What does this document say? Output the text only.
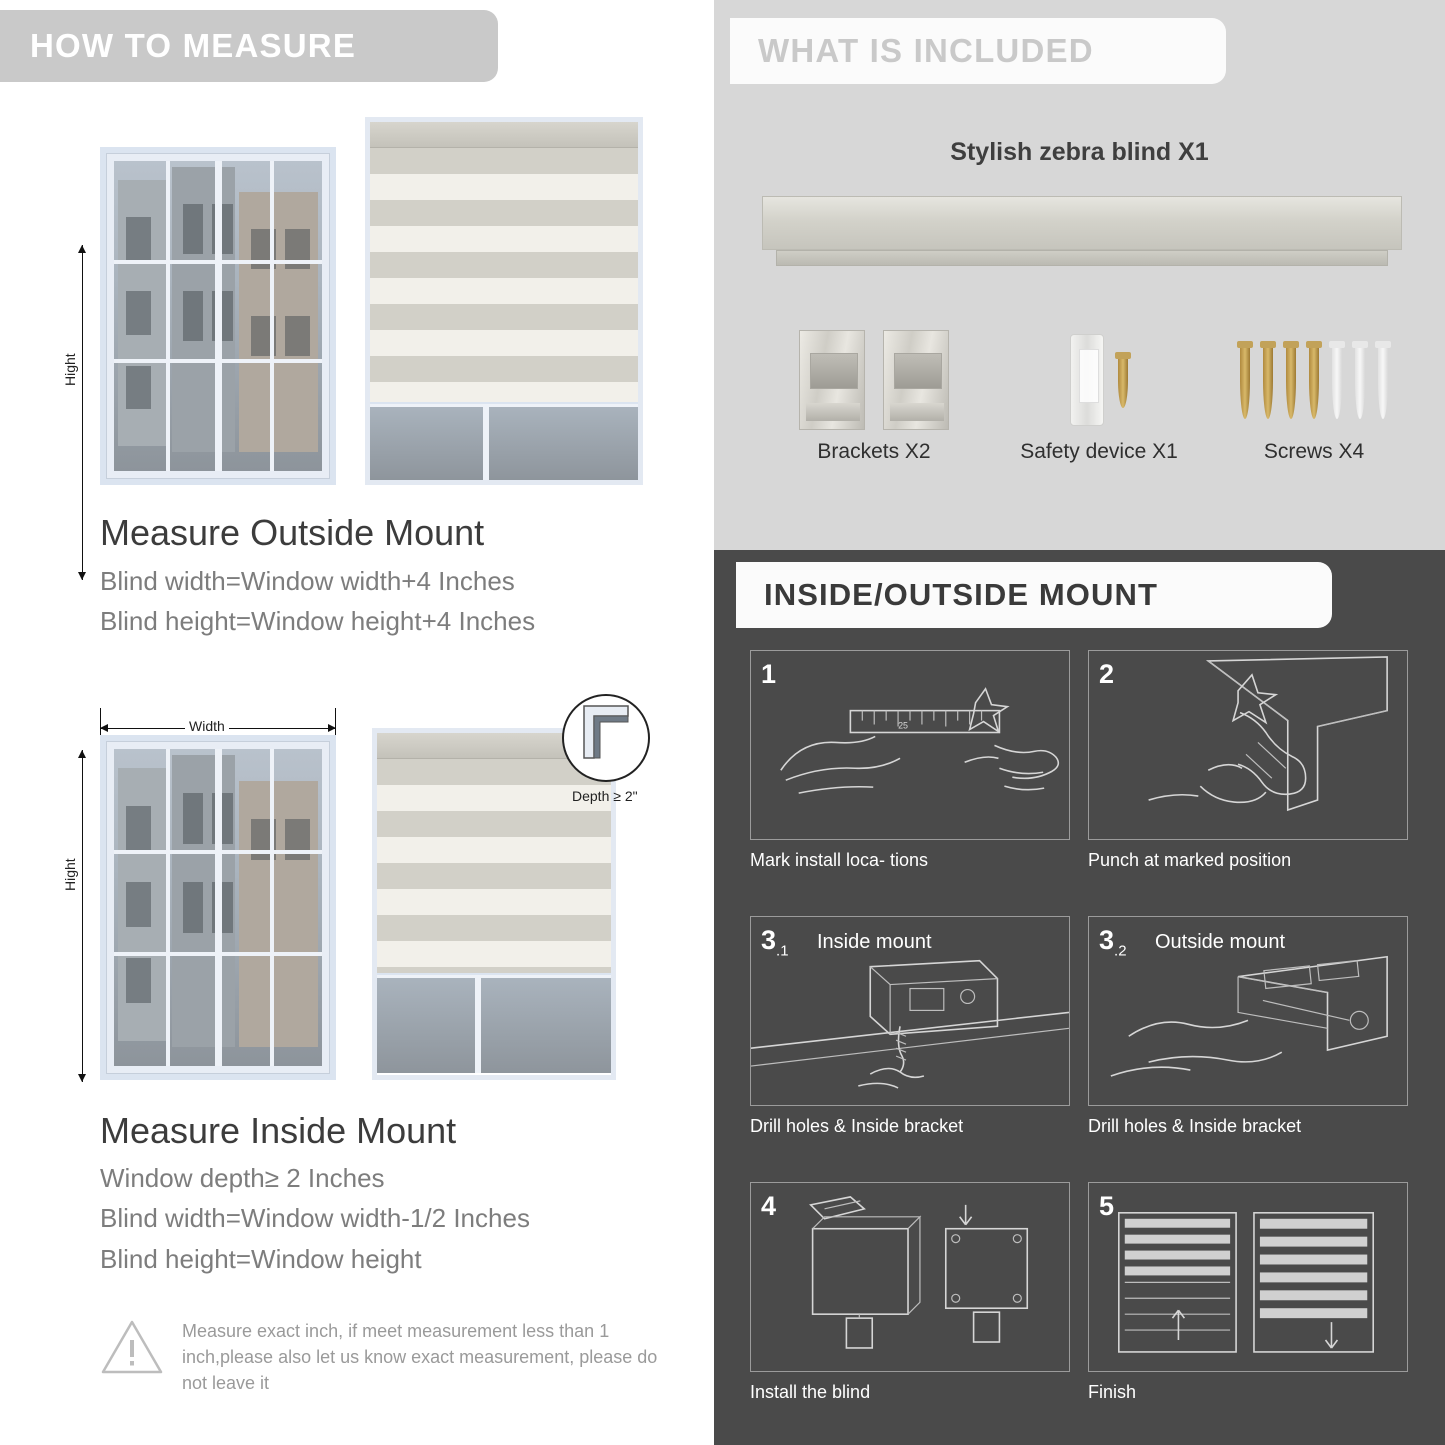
HOW TO MEASURE
Hight
Measure Outside Mount
Blind width=Window width+4 Inches
Blind height=Window height+4 Inches
Width
Hight
Depth ≥ 2"
Measure Inside Mount
Window depth≥ 2 Inches
Blind width=Window width-1/2 Inches
Blind height=Window height
Measure exact inch, if meet measurement less than 1 inch,please also let us know exact measurement, please do not leave it
WHAT IS INCLUDED
Stylish zebra blind X1
Brackets X2	Safety device X1	Screws X4
INSIDE/OUTSIDE MOUNT
1
25
Mark install loca- tions
2
Punch at marked position
$3_{.1}$ Inside mount
Drill holes & Inside bracket
$3_{.2}$ Outside mount
Drill holes & Inside bracket
4
Install the blind
5
Finish
